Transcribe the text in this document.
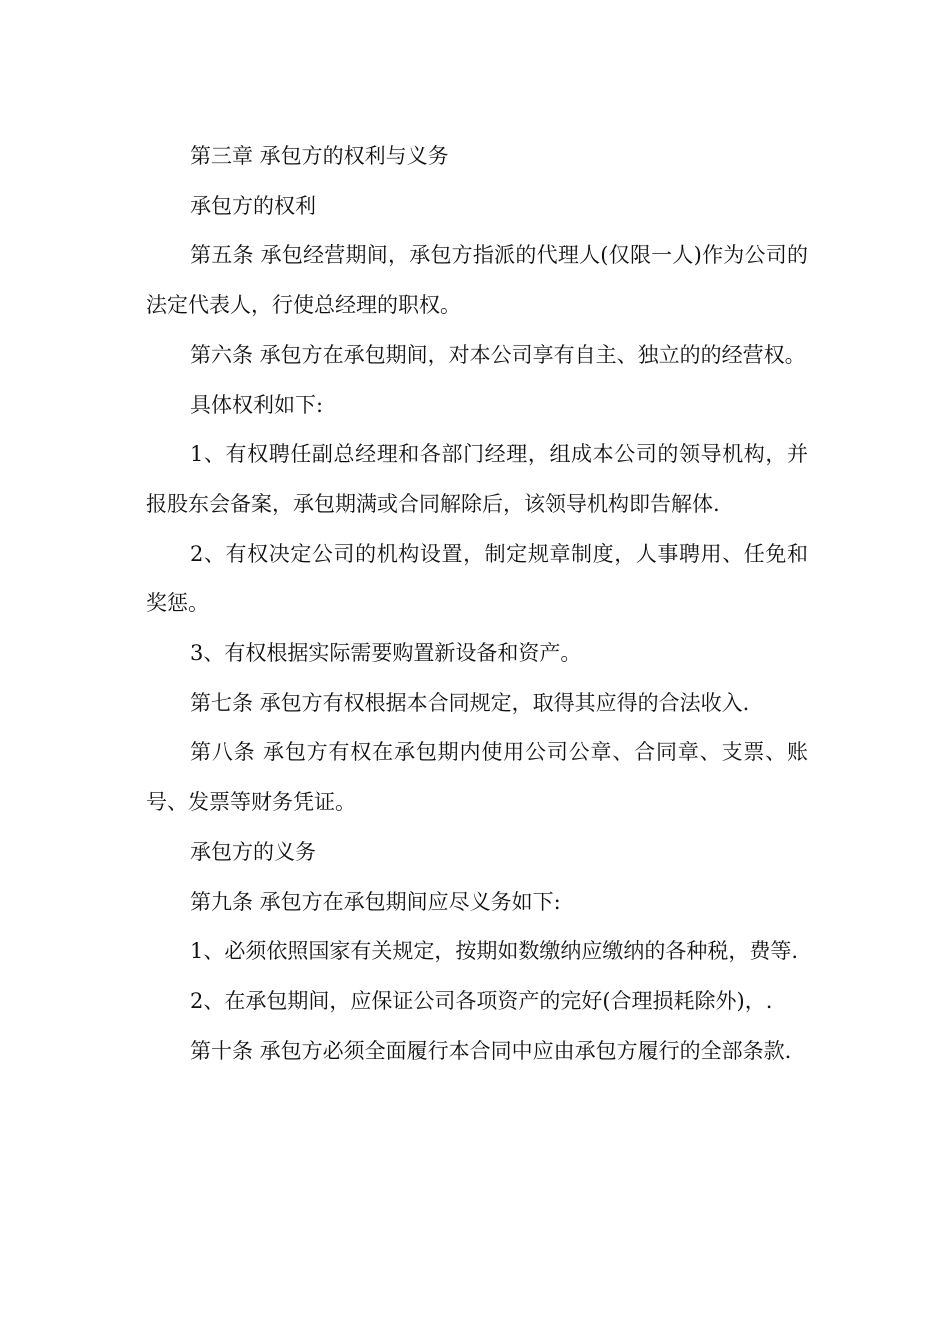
第三章 承包方的权利与义务

承包方的权利

第五条 承包经营期间，承包方指派的代理人(仅限一人)作为公司的法定代表人，行使总经理的职权。

第六条 承包方在承包期间，对本公司享有自主、独立的的经营权。

具体权利如下:

1、有权聘任副总经理和各部门经理，组成本公司的领导机构，并报股东会备案，承包期满或合同解除后，该领导机构即告解体.

2、有权决定公司的机构设置，制定规章制度，人事聘用、任免和奖惩。

3、有权根据实际需要购置新设备和资产。

第七条 承包方有权根据本合同规定，取得其应得的合法收入.

第八条 承包方有权在承包期内使用公司公章、合同章、支票、账号、发票等财务凭证。

承包方的义务

第九条 承包方在承包期间应尽义务如下:

1、必须依照国家有关规定，按期如数缴纳应缴纳的各种税，费等.

2、在承包期间，应保证公司各项资产的完好(合理损耗除外)，.

第十条 承包方必须全面履行本合同中应由承包方履行的全部条款.
